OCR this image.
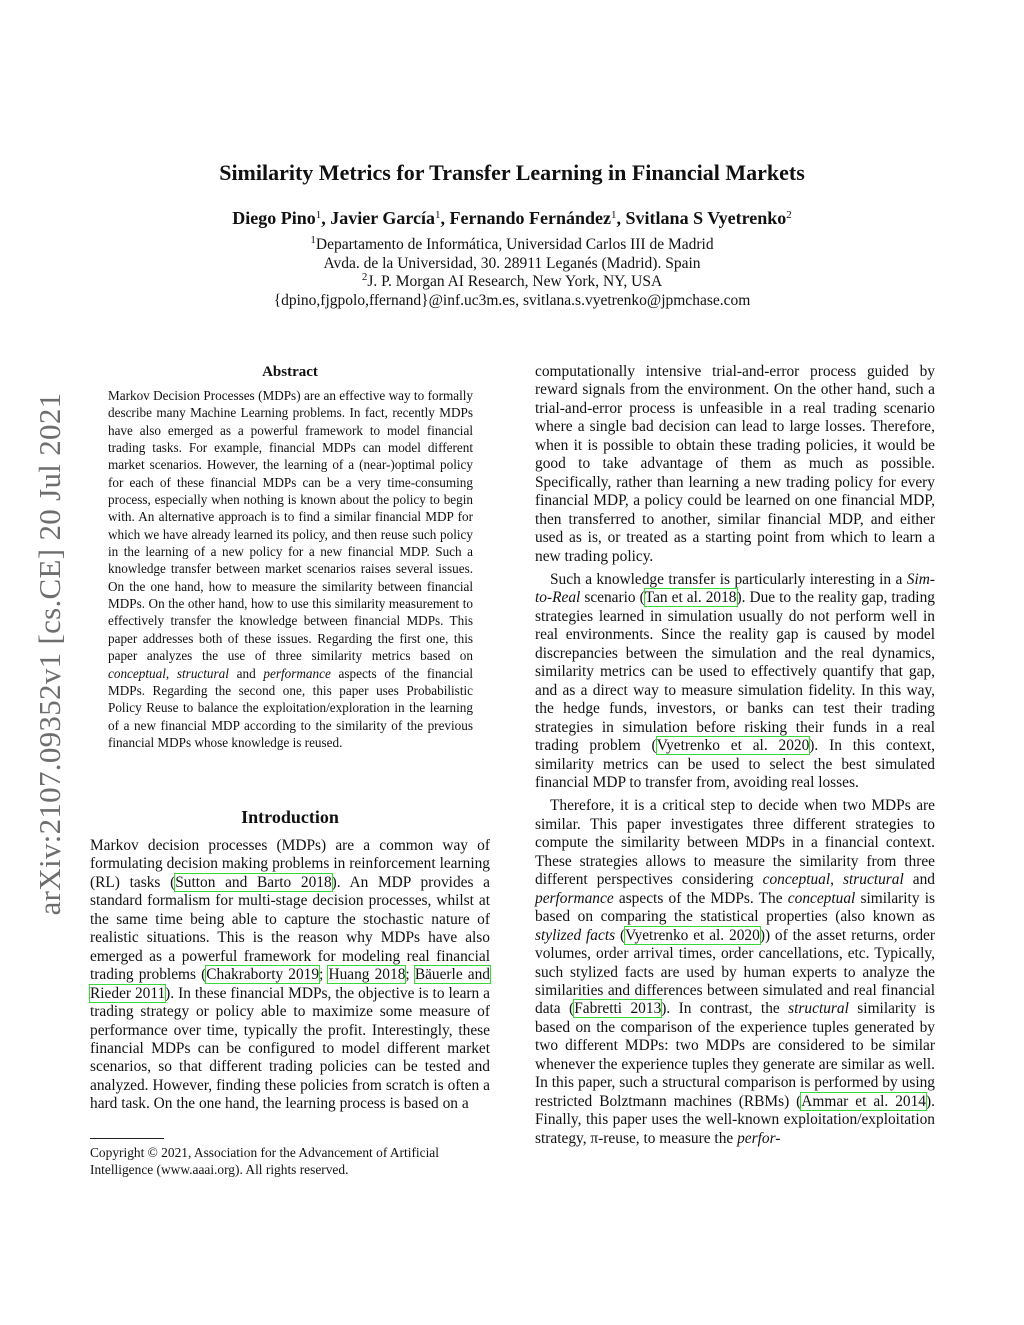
arXiv:2107.09352v1 [cs.CE] 20 Jul 2021
Similarity Metrics for Transfer Learning in Financial Markets
Diego Pino$^1$, Javier García$^1$, Fernando Fernández$^1$, Svitlana S Vyetrenko$^2$
$^1$Departamento de Informática, Universidad Carlos III de Madrid
Avda. de la Universidad, 30. 28911 Leganés (Madrid). Spain
$^2$J. P. Morgan AI Research, New York, NY, USA
{dpino,fjgpolo,ffernand}@inf.uc3m.es, svitlana.s.vyetrenko@jpmchase.com
Abstract

Markov Decision Processes (MDPs) are an effective way to formally describe many Machine Learning problems. In fact, recently MDPs have also emerged as a powerful framework to model financial trading tasks. For example, financial MDPs can model different market scenarios. However, the learning of a (near-)optimal policy for each of these financial MDPs can be a very time-consuming process, especially when nothing is known about the policy to begin with. An alternative approach is to find a similar financial MDP for which we have already learned its policy, and then reuse such policy in the learning of a new policy for a new financial MDP. Such a knowledge transfer between market scenarios raises several issues. On the one hand, how to measure the similarity between financial MDPs. On the other hand, how to use this similarity measurement to effectively transfer the knowledge between financial MDPs. This paper addresses both of these issues. Regarding the first one, this paper analyzes the use of three similarity metrics based on conceptual, structural and performance aspects of the financial MDPs. Regarding the second one, this paper uses Probabilistic Policy Reuse to balance the exploitation/exploration in the learning of a new financial MDP according to the similarity of the previous financial MDPs whose knowledge is reused.

Introduction

Markov decision processes (MDPs) are a common way of formulating decision making problems in reinforcement learning (RL) tasks (Sutton and Barto 2018). An MDP provides a standard formalism for multi-stage decision processes, whilst at the same time being able to capture the stochastic nature of realistic situations. This is the reason why MDPs have also emerged as a powerful framework for modeling real financial trading problems (Chakraborty 2019; Huang 2018; Bäuerle and Rieder 2011). In these financial MDPs, the objective is to learn a trading strategy or policy able to maximize some measure of performance over time, typically the profit. Interestingly, these financial MDPs can be configured to model different market scenarios, so that different trading policies can be tested and analyzed. However, finding these policies from scratch is often a hard task. On the one hand, the learning process is based on a

Copyright © 2021, Association for the Advancement of Artificial Intelligence (www.aaai.org). All rights reserved.

computationally intensive trial-and-error process guided by reward signals from the environment. On the other hand, such a trial-and-error process is unfeasible in a real trading scenario where a single bad decision can lead to large losses. Therefore, when it is possible to obtain these trading policies, it would be good to take advantage of them as much as possible. Specifically, rather than learning a new trading policy for every financial MDP, a policy could be learned on one financial MDP, then transferred to another, similar financial MDP, and either used as is, or treated as a starting point from which to learn a new trading policy.

Such a knowledge transfer is particularly interesting in a Sim-to-Real scenario (Tan et al. 2018). Due to the reality gap, trading strategies learned in simulation usually do not perform well in real environments. Since the reality gap is caused by model discrepancies between the simulation and the real dynamics, similarity metrics can be used to effectively quantify that gap, and as a direct way to measure simulation fidelity. In this way, the hedge funds, investors, or banks can test their trading strategies in simulation before risking their funds in a real trading problem (Vyetrenko et al. 2020). In this context, similarity metrics can be used to select the best simulated financial MDP to transfer from, avoiding real losses.

Therefore, it is a critical step to decide when two MDPs are similar. This paper investigates three different strategies to compute the similarity between MDPs in a financial context. These strategies allows to measure the similarity from three different perspectives considering conceptual, structural and performance aspects of the MDPs. The conceptual similarity is based on comparing the statistical properties (also known as stylized facts (Vyetrenko et al. 2020)) of the asset returns, order volumes, order arrival times, order cancellations, etc. Typically, such stylized facts are used by human experts to analyze the similarities and differences between simulated and real financial data (Fabretti 2013). In contrast, the structural similarity is based on the comparison of the experience tuples generated by two different MDPs: two MDPs are considered to be similar whenever the experience tuples they generate are similar as well. In this paper, such a structural comparison is performed by using restricted Bolztmann machines (RBMs) (Ammar et al. 2014). Finally, this paper uses the well-known exploitation/exploitation strategy, π-reuse, to measure the perfor-
